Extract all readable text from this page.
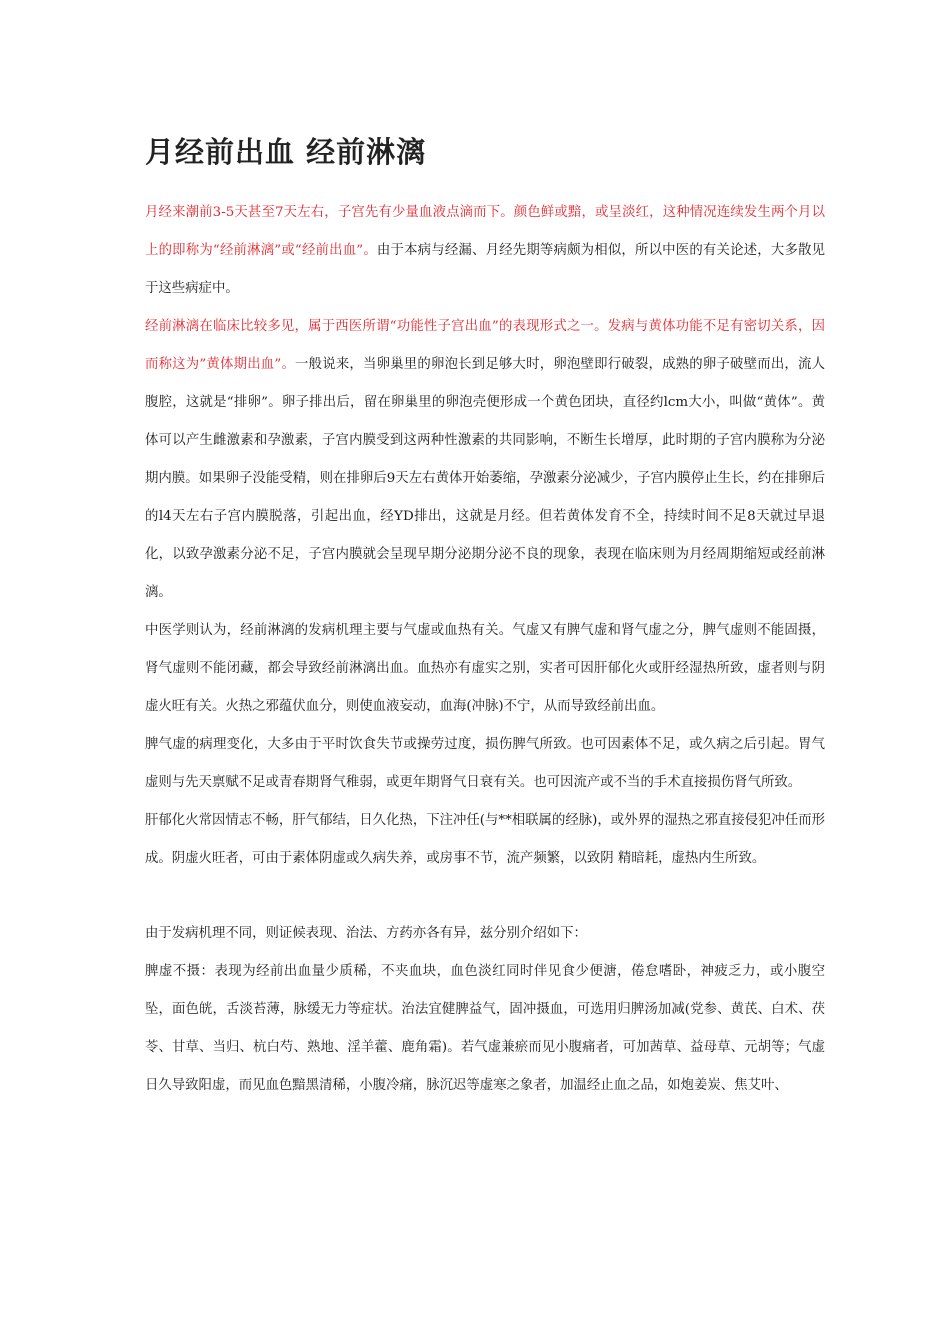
月经前出血 经前淋漓

月经来潮前3-5天甚至7天左右，子宫先有少量血液点滴而下。颜色鲜或黯，或呈淡红，这种情况连续发生两个月以上的即称为“经前淋漓”或“经前出血”。由于本病与经漏、月经先期等病颇为相似，所以中医的有关论述，大多散见于这些病症中。

经前淋漓在临床比较多见，属于西医所谓“功能性子宫出血”的表现形式之一。发病与黄体功能不足有密切关系，因而称这为”黄体期出血”。一般说来，当卵巢里的卵泡长到足够大时，卵泡壁即行破裂，成熟的卵子破壁而出，流人腹腔，这就是“排卵”。卵子排出后，留在卵巢里的卵泡壳便形成一个黄色团块，直径约lcm大小，叫做“黄体”。黄体可以产生雌激素和孕激素，子宫内膜受到这两种性激素的共同影响，不断生长增厚，此时期的子宫内膜称为分泌期内膜。如果卵子没能受精，则在排卵后9天左右黄体开始萎缩，孕激素分泌减少，子宫内膜停止生长，约在排卵后的l4天左右子宫内膜脱落，引起出血，经YD排出，这就是月经。但若黄体发育不全，持续时间不足8天就过早退化，以致孕激素分泌不足，子宫内膜就会呈现早期分泌期分泌不良的现象，表现在临床则为月经周期缩短或经前淋漓。

中医学则认为，经前淋漓的发病机理主要与气虚或血热有关。气虚又有脾气虚和肾气虚之分，脾气虚则不能固摄，肾气虚则不能闭藏，都会导致经前淋漓出血。血热亦有虚实之别，实者可因肝郁化火或肝经湿热所致，虚者则与阴虚火旺有关。火热之邪蕴伏血分，则使血液妄动，血海(冲脉)不宁，从而导致经前出血。

脾气虚的病理变化，大多由于平时饮食失节或操劳过度，损伤脾气所致。也可因素体不足，或久病之后引起。胃气虚则与先天禀赋不足或青春期肾气稚弱，或更年期肾气日衰有关。也可因流产或不当的手术直接损伤肾气所致。

肝郁化火常因情志不畅，肝气郁结，日久化热，下注冲任(与**相联属的经脉)，或外界的湿热之邪直接侵犯冲任而形成。阴虚火旺者，可由于素体阴虚或久病失养，或房事不节，流产频繁，以致阴 精暗耗，虚热内生所致。

由于发病机理不同，则证候表现、治法、方药亦各有异，兹分别介绍如下：

脾虚不摄：表现为经前出血量少质稀，不夹血块，血色淡红同时伴见食少便溏，倦怠嗜卧，神疲乏力，或小腹空坠，面色㿠，舌淡苔薄，脉缓无力等症状。治法宜健脾益气，固冲摄血，可选用归脾汤加减(党参、黄芪、白术、茯苓、甘草、当归、杭白芍、熟地、淫羊藿、鹿角霜)。若气虚兼瘀而见小腹痛者，可加茜草、益母草、元胡等；气虚日久导致阳虚，而见血色黯黑清稀，小腹冷痛，脉沉迟等虚寒之象者，加温经止血之品，如炮姜炭、焦艾叶、
